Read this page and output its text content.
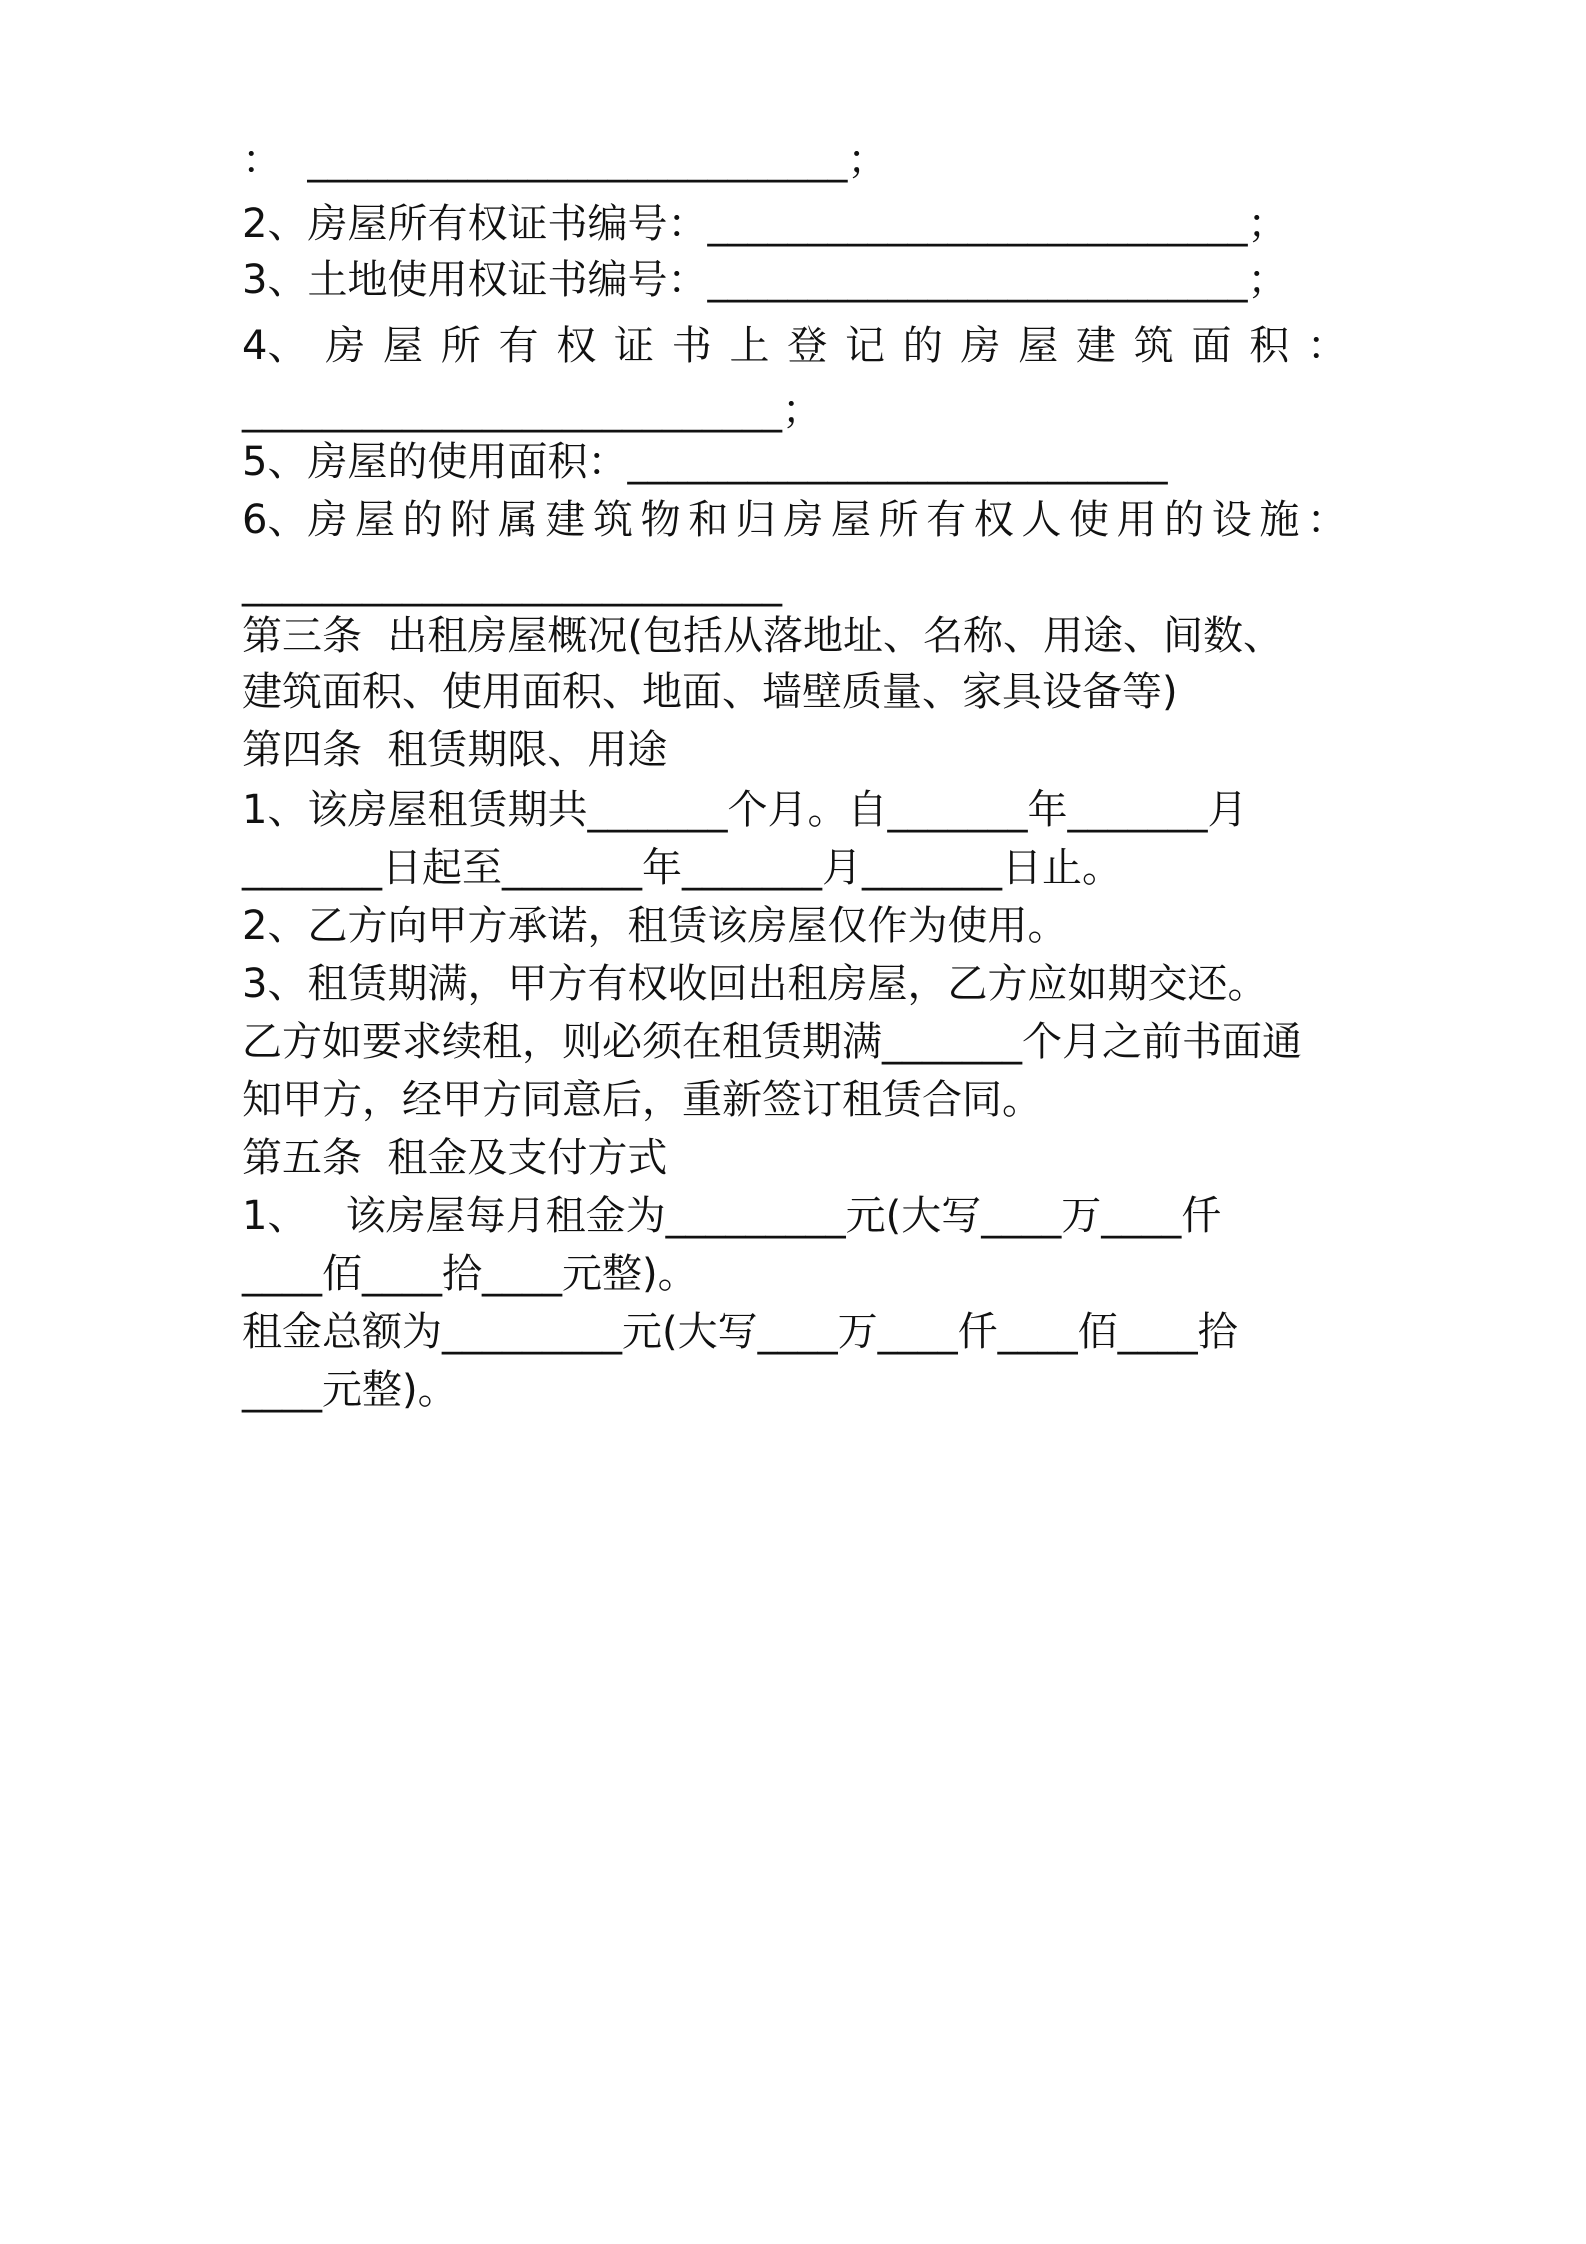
：  ___________________________；
2、房屋所有权证书编号：___________________________；
3、土地使用权证书编号：___________________________；
4、 房 屋 所 有 权 证 书 上 登 记 的 房 屋 建 筑 面 积 ：
___________________________；
5、房屋的使用面积：___________________________
6、房 屋 的 附 属 建 筑 物 和 归 房 屋 所 有 权 人 使 用 的 设 施 ：
___________________________
第三条  出租房屋概况(包括从落地址、名称、用途、间数、
建筑面积、使用面积、地面、墙壁质量、家具设备等)
第四条  租赁期限、用途
1、该房屋租赁期共_______个月。自_______年_______月
_______日起至_______年_______月_______日止。
2、乙方向甲方承诺，租赁该房屋仅作为使用。
3、租赁期满，甲方有权收回出租房屋，乙方应如期交还。
乙方如要求续租，则必须在租赁期满_______个月之前书面通
知甲方，经甲方同意后，重新签订租赁合同。
第五条  租金及支付方式
1、   该房屋每月租金为_________元(大写____万____仟
____佰____拾____元整)。
租金总额为_________元(大写____万____仟____佰____拾
____元整)。
